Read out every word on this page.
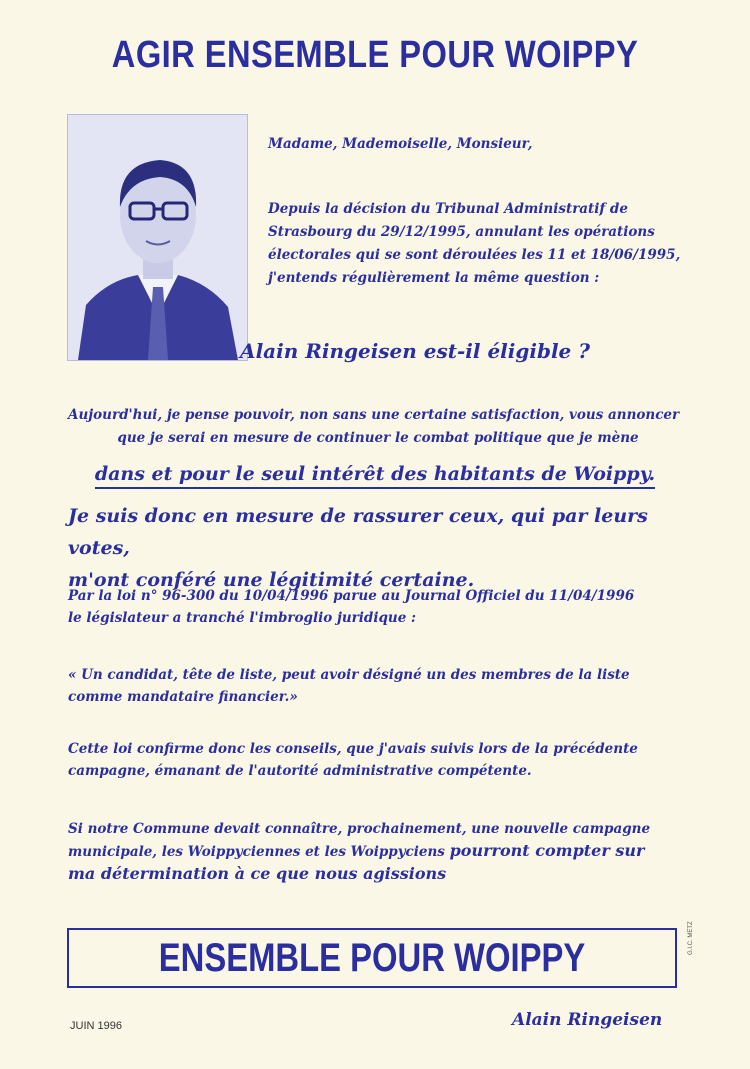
AGIR ENSEMBLE POUR WOIPPY
Madame, Mademoiselle, Monsieur,
Depuis la décision du Tribunal Administratif de
Strasbourg du 29/12/1995, annulant les opérations
électorales qui se sont déroulées les 11 et 18/06/1995,
j'entends régulièrement la même question :
Alain Ringeisen est-il éligible ?
Aujourd'hui, je pense pouvoir, non sans une certaine satisfaction, vous annoncer
que je serai en mesure de continuer le combat politique que je mène
dans et pour le seul intérêt des habitants de Woippy.
Je suis donc en mesure de rassurer ceux, qui par leurs votes,
m'ont conféré une légitimité certaine.
Par la loi n° 96-300 du 10/04/1996 parue au Journal Officiel du 11/04/1996
le législateur a tranché l'imbroglio juridique :
« Un candidat, tête de liste, peut avoir désigné un des membres de la liste
comme mandataire financier.»
Cette loi confirme donc les conseils, que j'avais suivis lors de la précédente
campagne, émanant de l'autorité administrative compétente.
Si notre Commune devait connaître, prochainement, une nouvelle campagne
municipale, les Woippyciennes et les Woippyciens pourront compter sur
ma détermination à ce que nous agissions
ENSEMBLE POUR WOIPPY	G.I.C. METZ
JUIN 1996	Alain Ringeisen
